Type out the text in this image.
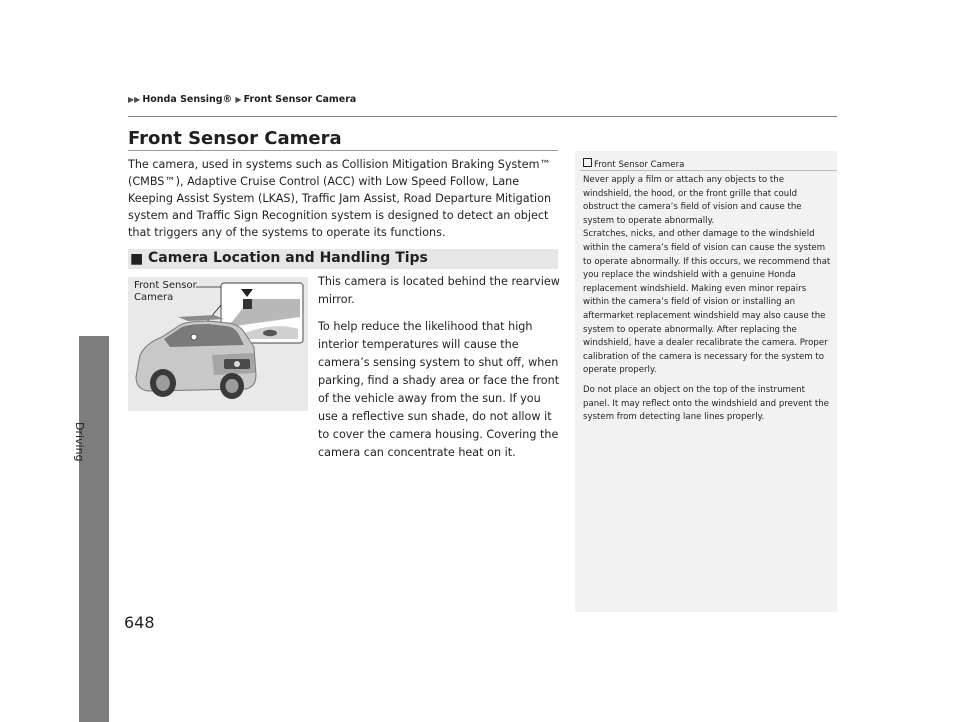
Driving
▶▶ Honda Sensing® ▶ Front Sensor Camera
Front Sensor Camera
The camera, used in systems such as Collision Mitigation Braking System™ (CMBS™), Adaptive Cruise Control (ACC) with Low Speed Follow, Lane Keeping Assist System (LKAS), Traffic Jam Assist, Road Departure Mitigation system and Traffic Sign Recognition system is designed to detect an object that triggers any of the systems to operate its functions.
■ Camera Location and Handling Tips
Front Sensor
Camera

This camera is located behind the rearview mirror.

To help reduce the likelihood that high interior temperatures will cause the camera’s sensing system to shut off, when parking, find a shady area or face the front of the vehicle away from the sun. If you use a reflective sun shade, do not allow it to cover the camera housing. Covering the camera can concentrate heat on it.

Front Sensor Camera

Never apply a film or attach any objects to the windshield, the hood, or the front grille that could obstruct the camera’s field of vision and cause the system to operate abnormally.

Scratches, nicks, and other damage to the windshield within the camera’s field of vision can cause the system to operate abnormally. If this occurs, we recommend that you replace the windshield with a genuine Honda replacement windshield. Making even minor repairs within the camera’s field of vision or installing an aftermarket replacement windshield may also cause the system to operate abnormally. After replacing the windshield, have a dealer recalibrate the camera. Proper calibration of the camera is necessary for the system to operate properly.

Do not place an object on the top of the instrument panel. It may reflect onto the windshield and prevent the system from detecting lane lines properly.

648
